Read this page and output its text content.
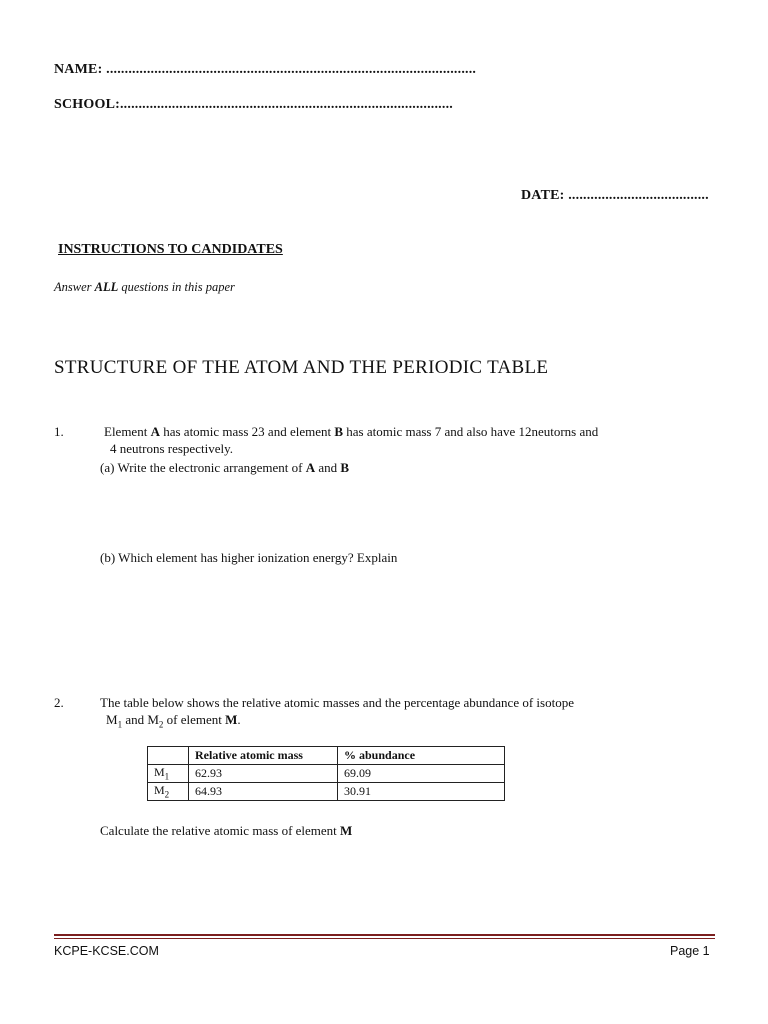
NAME: ....................................................................................................
SCHOOL:..........................................................................................
DATE: ......................................
INSTRUCTIONS TO CANDIDATES
Answer ALL questions in this paper
STRUCTURE OF THE ATOM AND THE PERIODIC TABLE
1.	Element A has atomic mass 23 and element B has atomic mass 7 and also have 12neutorns and
4 neutrons respectively.
(a) Write the electronic arrangement of A and B
(b) Which element has higher ionization energy? Explain
2.	The table below shows the relative atomic masses and the percentage abundance of isotope
$M_1$ and $M_2$ of element M.
	Relative atomic mass	% abundance
$M_1$	62.93	69.09
$M_2$	64.93	30.91
Calculate the relative atomic mass of element M
KCPE-KCSE.COM	Page 1
